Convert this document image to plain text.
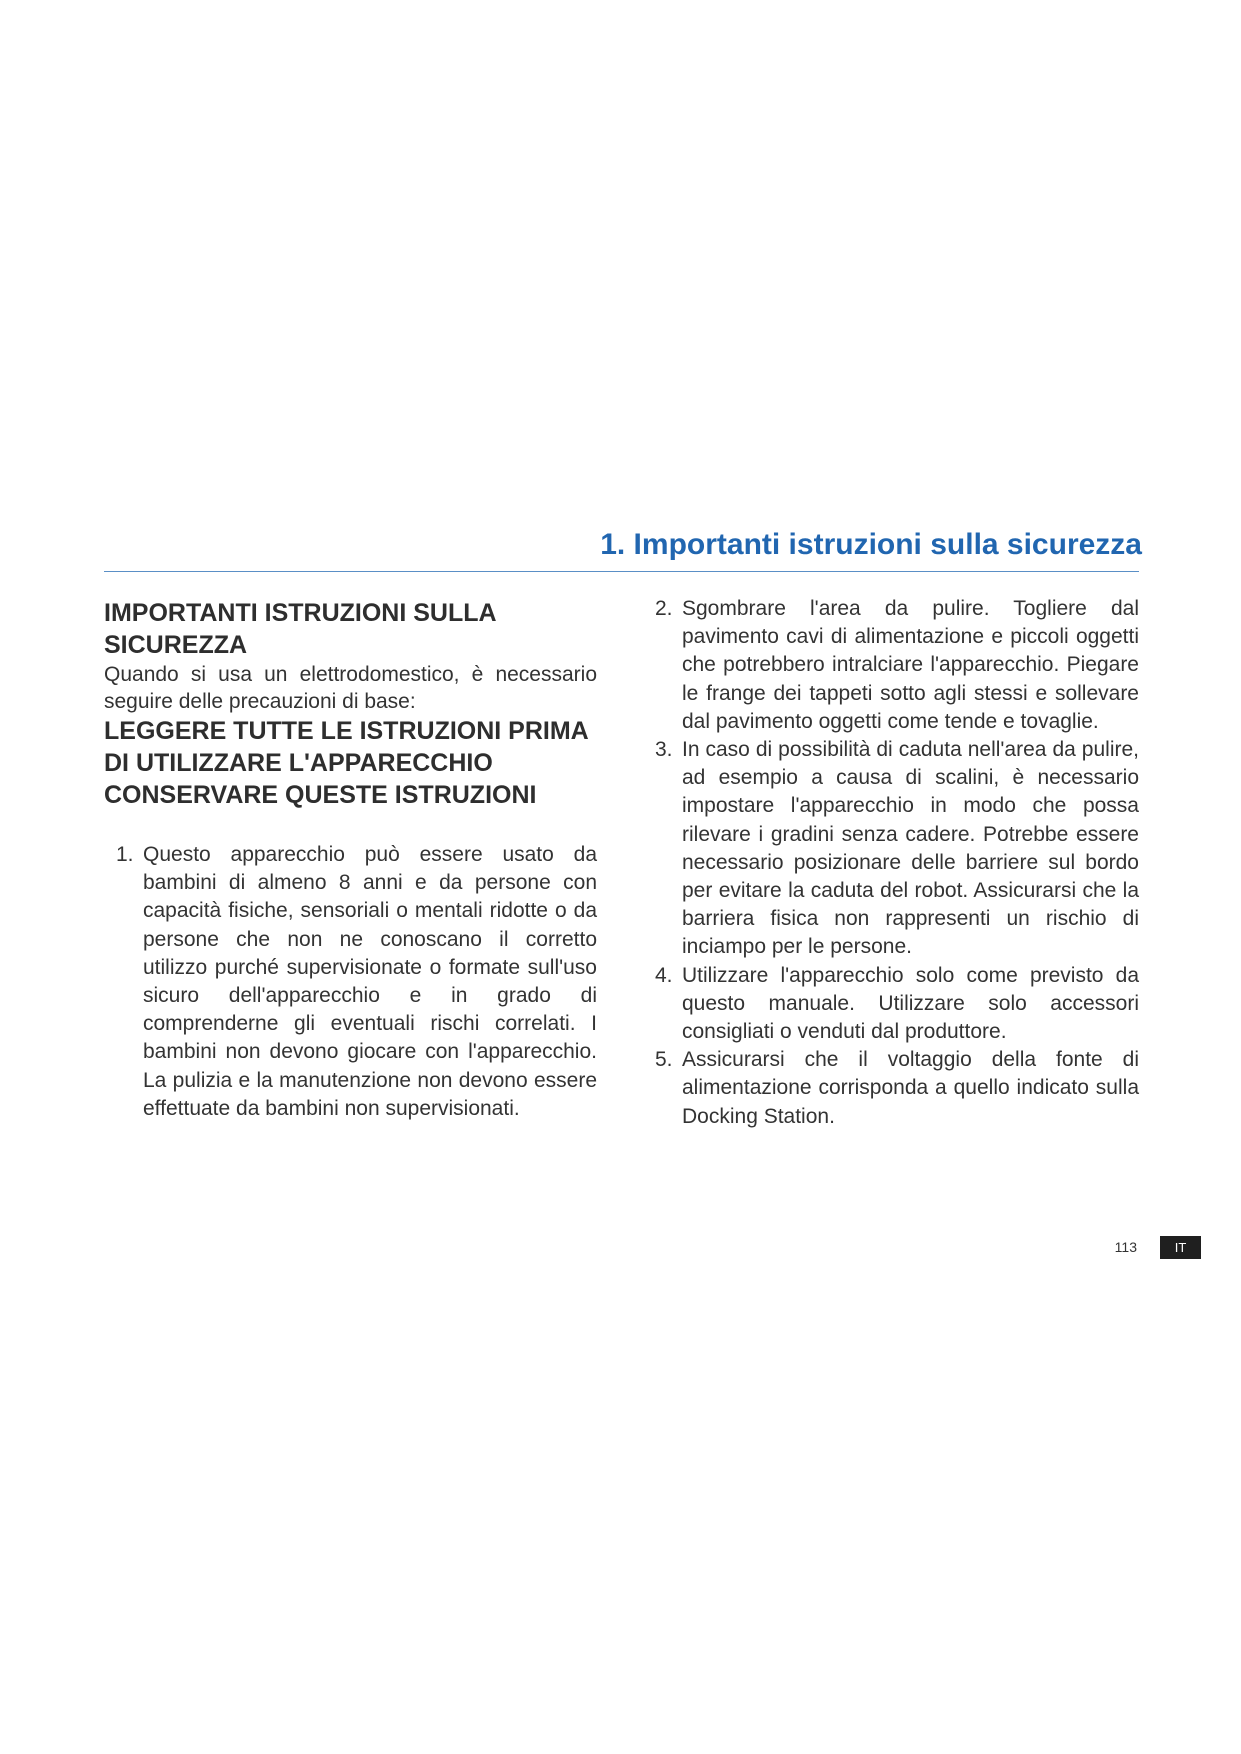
1. Importanti istruzioni sulla sicurezza
IMPORTANTI ISTRUZIONI SULLA SICUREZZA

Quando si usa un elettrodomestico, è necessario seguire delle precauzioni di base:

LEGGERE TUTTE LE ISTRUZIONI PRIMA DI UTILIZZARE L'APPARECCHIO

CONSERVARE QUESTE ISTRUZIONI

1. Questo apparecchio può essere usato da bambini di almeno 8 anni e da persone con capacità fisiche, sensoriali o mentali ridotte o da persone che non ne conoscano il corretto utilizzo purché supervisionate o formate sull'uso sicuro dell'apparecchio e in grado di comprenderne gli eventuali rischi correlati. I bambini non devono giocare con l'apparecchio. La pulizia e la manutenzione non devono essere effettuate da bambini non supervisionati.
2. Sgombrare l'area da pulire. Togliere dal pavimento cavi di alimentazione e piccoli oggetti che potrebbero intralciare l'apparecchio. Piegare le frange dei tappeti sotto agli stessi e sollevare dal pavimento oggetti come tende e tovaglie.
3. In caso di possibilità di caduta nell'area da pulire, ad esempio a causa di scalini, è necessario impostare l'apparecchio in modo che possa rilevare i gradini senza cadere. Potrebbe essere necessario posizionare delle barriere sul bordo per evitare la caduta del robot. Assicurarsi che la barriera fisica non rappresenti un rischio di inciampo per le persone.
4. Utilizzare l'apparecchio solo come previsto da questo manuale. Utilizzare solo accessori consigliati o venduti dal produttore.
5. Assicurarsi che il voltaggio della fonte di alimentazione corrisponda a quello indicato sulla Docking Station.
113	IT
